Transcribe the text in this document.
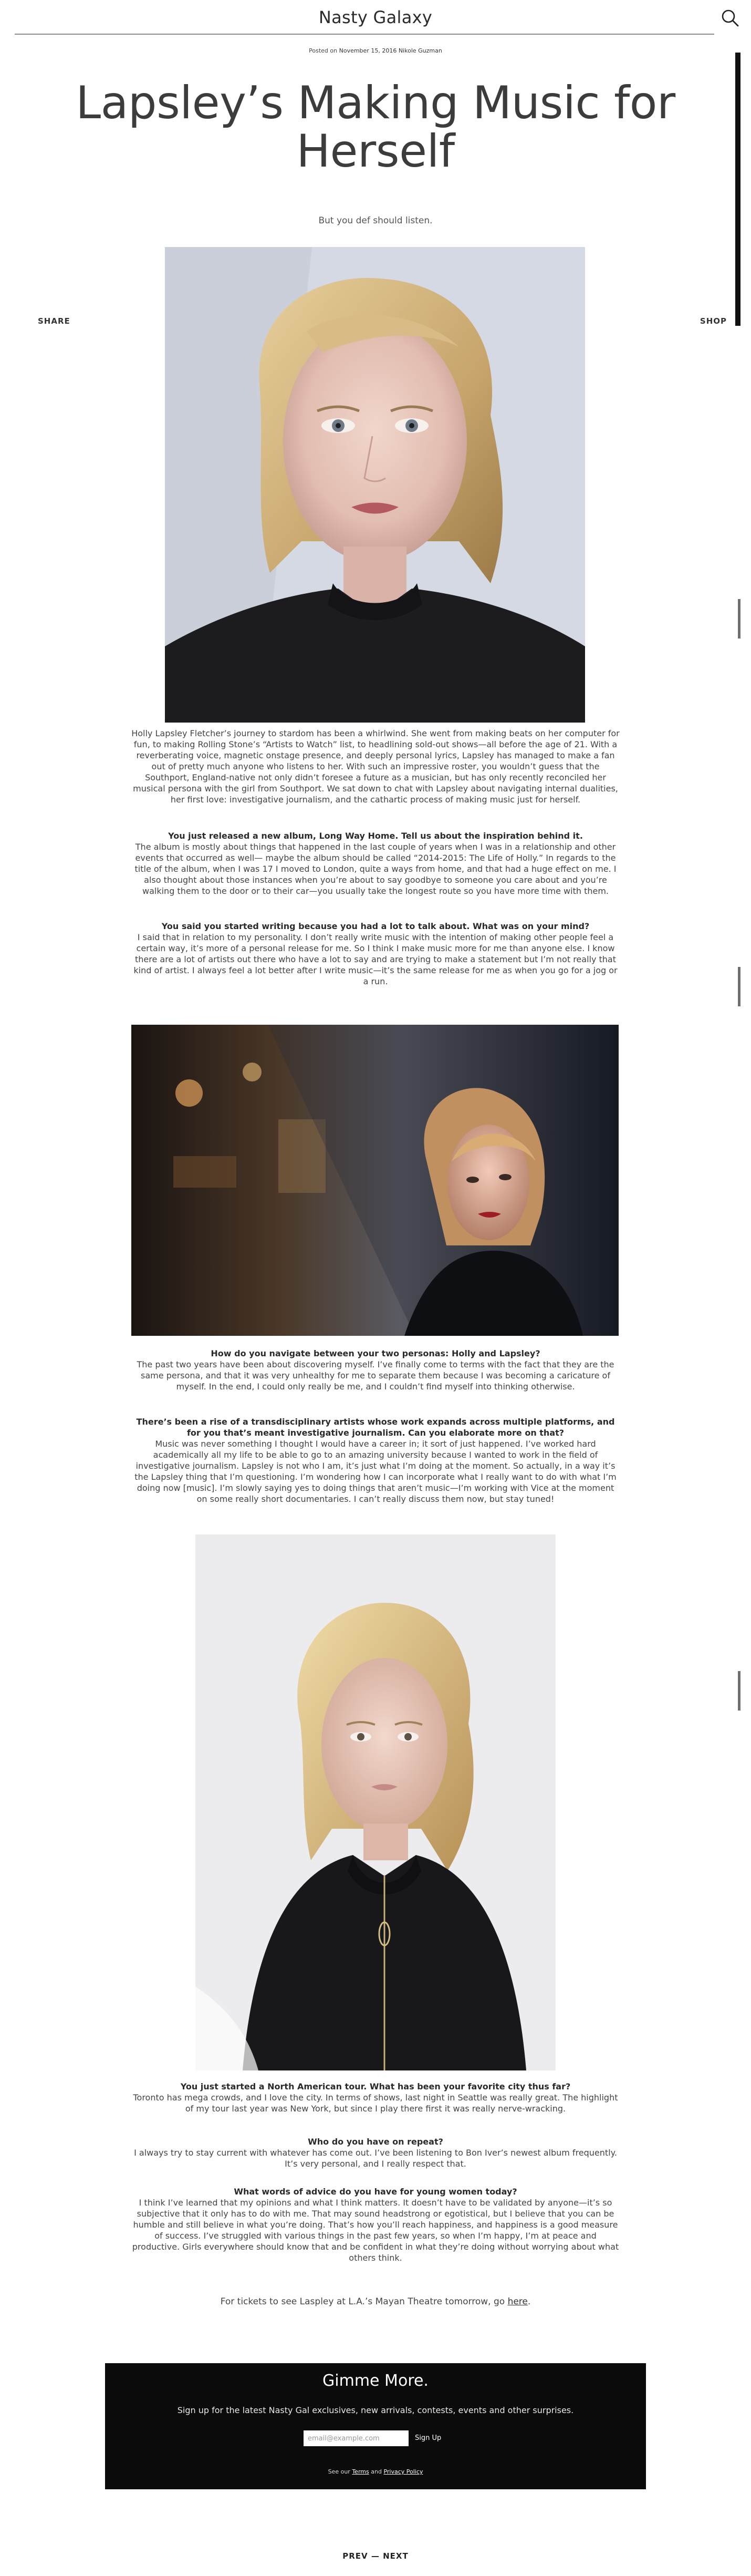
Nasty Galaxy
SHARE	SHOP
Posted on November 15, 2016 Nikole Guzman
Lapsley’s Making Music for Herself
But you def should listen.
Holly Lapsley Fletcher’s journey to stardom has been a whirlwind. She went from making beats on her computer for fun, to making Rolling Stone’s “Artists to Watch” list, to headlining sold-out shows—all before the age of 21. With a reverberating voice, magnetic onstage presence, and deeply personal lyrics, Lapsley has managed to make a fan out of pretty much anyone who listens to her. With such an impressive roster, you wouldn’t guess that the Southport, England-native not only didn’t foresee a future as a musician, but has only recently reconciled her musical persona with the girl from Southport. We sat down to chat with Lapsley about navigating internal dualities, her first love: investigative journalism, and the cathartic process of making music just for herself.
You just released a new album, Long Way Home. Tell us about the inspiration behind it.
The album is mostly about things that happened in the last couple of years when I was in a relationship and other events that occurred as well— maybe the album should be called “2014-2015: The Life of Holly.” In regards to the title of the album, when I was 17 I moved to London, quite a ways from home, and that had a huge effect on me. I also thought about those instances when you’re about to say goodbye to someone you care about and you’re walking them to the door or to their car—you usually take the longest route so you have more time with them.
You said you started writing because you had a lot to talk about. What was on your mind?
I said that in relation to my personality. I don’t really write music with the intention of making other people feel a certain way, it’s more of a personal release for me. So I think I make music more for me than anyone else. I know there are a lot of artists out there who have a lot to say and are trying to make a statement but I’m not really that kind of artist. I always feel a lot better after I write music—it’s the same release for me as when you go for a jog or a run.
How do you navigate between your two personas: Holly and Lapsley?
The past two years have been about discovering myself. I’ve finally come to terms with the fact that they are the same persona, and that it was very unhealthy for me to separate them because I was becoming a caricature of myself. In the end, I could only really be me, and I couldn’t find myself into thinking otherwise.
There’s been a rise of a transdisciplinary artists whose work expands across multiple platforms, and for you that’s meant investigative journalism. Can you elaborate more on that?
Music was never something I thought I would have a career in; it sort of just happened. I’ve worked hard academically all my life to be able to go to an amazing university because I wanted to work in the field of investigative journalism. Lapsley is not who I am, it’s just what I’m doing at the moment. So actually, in a way it’s the Lapsley thing that I’m questioning. I’m wondering how I can incorporate what I really want to do with what I’m doing now [music]. I’m slowly saying yes to doing things that aren’t music—I’m working with Vice at the moment on some really short documentaries. I can’t really discuss them now, but stay tuned!
You just started a North American tour. What has been your favorite city thus far?
Toronto has mega crowds, and I love the city. In terms of shows, last night in Seattle was really great. The highlight of my tour last year was New York, but since I play there first it was really nerve-wracking.
Who do you have on repeat?
I always try to stay current with whatever has come out. I’ve been listening to Bon Iver’s newest album frequently. It’s very personal, and I really respect that.
What words of advice do you have for young women today?
I think I’ve learned that my opinions and what I think matters. It doesn’t have to be validated by anyone—it’s so subjective that it only has to do with me. That may sound headstrong or egotistical, but I believe that you can be humble and still believe in what you’re doing. That’s how you’ll reach happiness, and happiness is a good measure of success. I’ve struggled with various things in the past few years, so when I’m happy, I’m at peace and productive. Girls everywhere should know that and be confident in what they’re doing without worrying about what others think.
For tickets to see Laspley at L.A.’s Mayan Theatre tomorrow, go here.
Gimme More.
Sign up for the latest Nasty Gal exclusives, new arrivals, contests, events and other surprises.
email@example.com
Sign Up
See our Terms and Privacy Policy
PREV — NEXT
